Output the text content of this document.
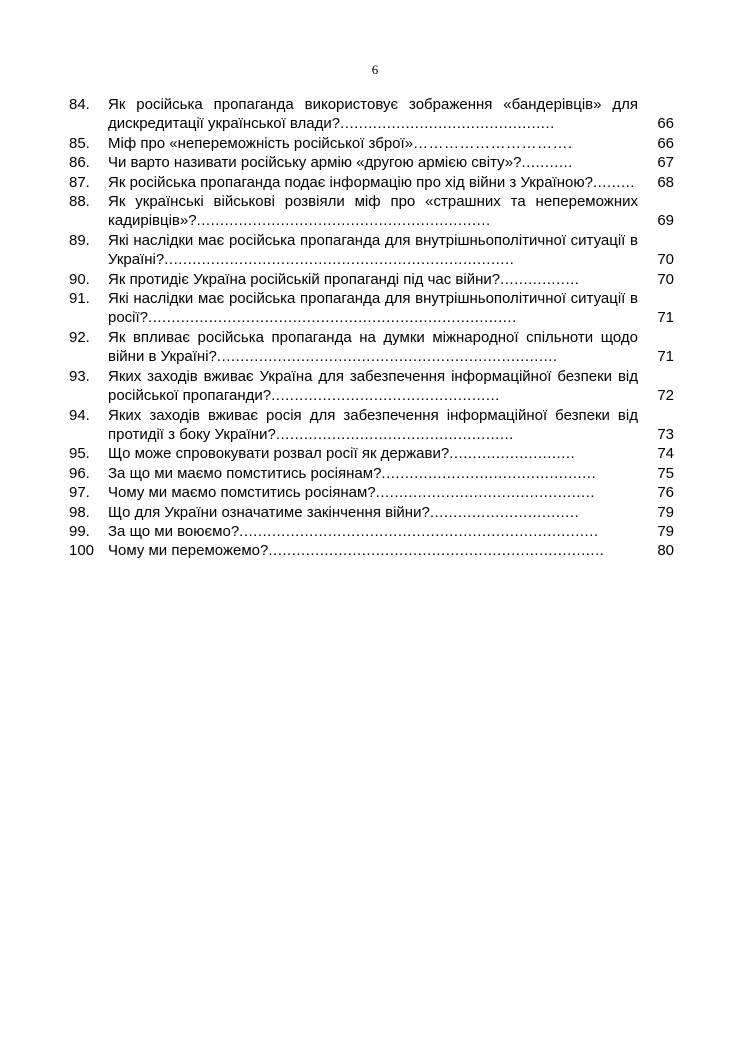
6
84.	Як російська пропаганда використовує зображення «бандерівців» для дискредитації української влади?..............................................	66
85.	Міф про «непереможність російської зброї»………………………….	66
86.	Чи варто називати російську армію «другою армією світу»?...........	67
87.	Як російська пропаганда подає інформацію про хід війни з Україною?.........	68
88.	Як українські військові розвіяли міф про «страшних та непереможних кадирівців»?...............................................................	69
89.	Які наслідки має російська пропаганда для внутрішньополітичної ситуації в Україні?...........................................................................	70
90.	Як протидіє Україна російській пропаганді під час війни?.................	70
91.	Які наслідки має російська пропаганда для внутрішньополітичної ситуації в росії?...............................................................................	71
92.	Як впливає російська пропаганда на думки міжнародної спільноти щодо війни в Україні?.........................................................................	71
93.	Яких заходів вживає Україна для забезпечення інформаційної безпеки від російської пропаганди?.................................................	72
94.	Яких заходів вживає росія для забезпечення інформаційної безпеки від протидії з боку України?...................................................	73
95.	Що може спровокувати розвал росії як держави?...........................	74
96.	За що ми маємо помститись росіянам?..............................................	75
97.	Чому ми маємо помститись росіянам?...............................................	76
98.	Що для України означатиме закінчення війни?................................	79
99.	За що ми воюємо?.............................................................................	79
100 Чому ми переможемо?........................................................................	80
